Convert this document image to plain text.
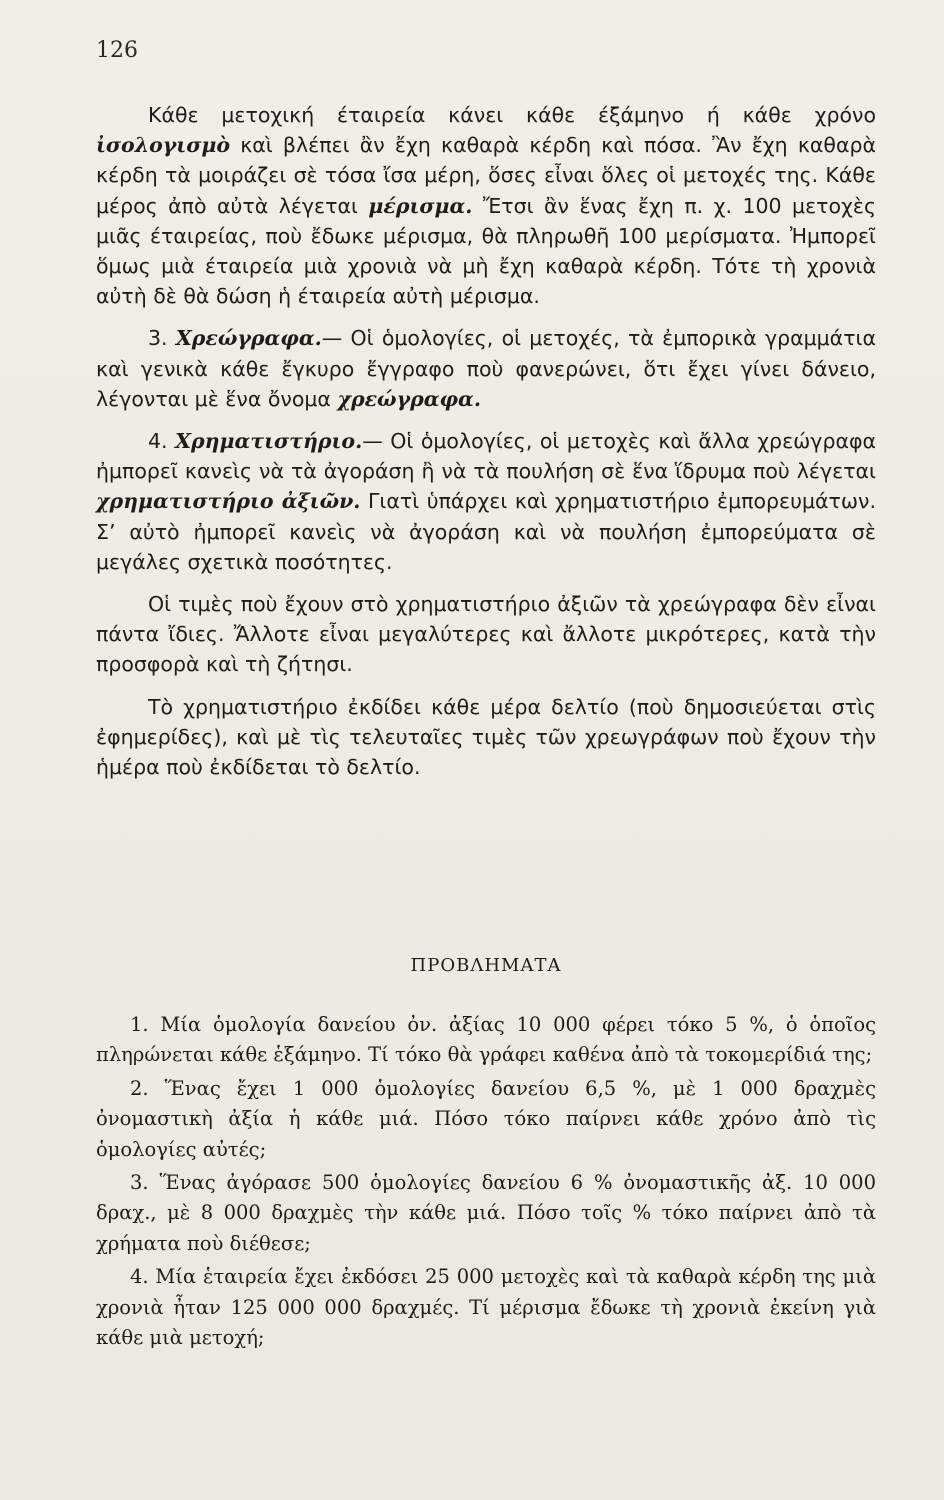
126

Κάθε μετοχική έταιρεία κάνει κάθε έξάμηνο ή κάθε χρόνο ἰσολογισμὸ καὶ βλέπει ἂν ἔχη καθαρὰ κέρδη καὶ πόσα. Ἂν ἔχη καθαρὰ κέρδη τὰ μοιράζει σὲ τόσα ἴσα μέρη, ὅσες εἶναι ὅλες οἱ μετοχές της. Κάθε μέρος ἀπὸ αὐτὰ λέγεται μέρισμα. Ἔτσι ἂν ἕνας ἔχη π. χ. 100 μετοχὲς μιᾶς έταιρείας, ποὺ ἔδωκε μέρισμα, θὰ πληρωθῆ 100 μερίσματα. Ἠμπορεῖ ὅμως μιὰ έταιρεία μιὰ χρονιὰ νὰ μὴ ἔχη καθαρὰ κέρδη. Τότε τὴ χρονιὰ αὐτὴ δὲ θὰ δώση ἡ έταιρεία αὐτὴ μέρισμα.

3. Χρεώγραφα.— Οἱ ὁμολογίες, οἱ μετοχές, τὰ ἐμπορικὰ γραμμάτια καὶ γενικὰ κάθε ἔγκυρο ἔγγραφο ποὺ φανερώνει, ὅτι ἔχει γίνει δάνειο, λέγονται μὲ ἕνα ὄνομα χρεώγραφα.

4. Χρηματιστήριο.— Οἱ ὁμολογίες, οἱ μετοχὲς καὶ ἄλλα χρεώγραφα ἠμπορεῖ κανεὶς νὰ τὰ ἀγοράση ἢ νὰ τὰ πουλήση σὲ ἕνα ἵδρυμα ποὺ λέγεται χρηματιστήριο ἀξιῶν. Γιατὶ ὑπάρχει καὶ χρηματιστήριο ἐμπορευμάτων. Σ’ αὐτὸ ἠμπορεῖ κανεὶς νὰ ἀγοράση καὶ νὰ πουλήση ἐμπορεύματα σὲ μεγάλες σχετικὰ ποσότητες.

Οἱ τιμὲς ποὺ ἔχουν στὸ χρηματιστήριο ἀξιῶν τὰ χρεώγραφα δὲν εἶναι πάντα ἴδιες. Ἄλλοτε εἶναι μεγαλύτερες καὶ ἄλλοτε μικρότερες, κατὰ τὴν προσφορὰ καὶ τὴ ζήτησι.

Τὸ χρηματιστήριο ἐκδίδει κάθε μέρα δελτίο (ποὺ δημοσιεύεται στὶς ἐφημερίδες), καὶ μὲ τὶς τελευταῖες τιμὲς τῶν χρεωγράφων ποὺ ἔχουν τὴν ἡμέρα ποὺ ἐκδίδεται τὸ δελτίο.

ΠΡΟΒΛΗΜΑΤΑ

1. Μία ὁμολογία δανείου ὀν. ἀξίας 10 000 φέρει τόκο 5 %, ὁ ὁποῖος πληρώνεται κάθε ἑξάμηνο. Τί τόκο θὰ γράφει καθένα ἀπὸ τὰ τοκομερίδιά της;

2. Ἕνας ἔχει 1 000 ὁμολογίες δανείου 6,5 %, μὲ 1 000 δραχμὲς ὀνομαστικὴ ἀξία ἡ κάθε μιά. Πόσο τόκο παίρνει κάθε χρόνο ἀπὸ τὶς ὁμολογίες αὐτές;

3. Ἕνας ἀγόρασε 500 ὁμολογίες δανείου 6 % ὀνομαστικῆς ἀξ. 10 000 δραχ., μὲ 8 000 δραχμὲς τὴν κάθε μιά. Πόσο τοῖς % τόκο παίρνει ἀπὸ τὰ χρήματα ποὺ διέθεσε;

4. Μία ἑταιρεία ἔχει ἐκδόσει 25 000 μετοχὲς καὶ τὰ καθαρὰ κέρδη της μιὰ χρονιὰ ἦταν 125 000 000 δραχμές. Τί μέρισμα ἔδωκε τὴ χρονιὰ ἐκείνη γιὰ κάθε μιὰ μετοχή;
